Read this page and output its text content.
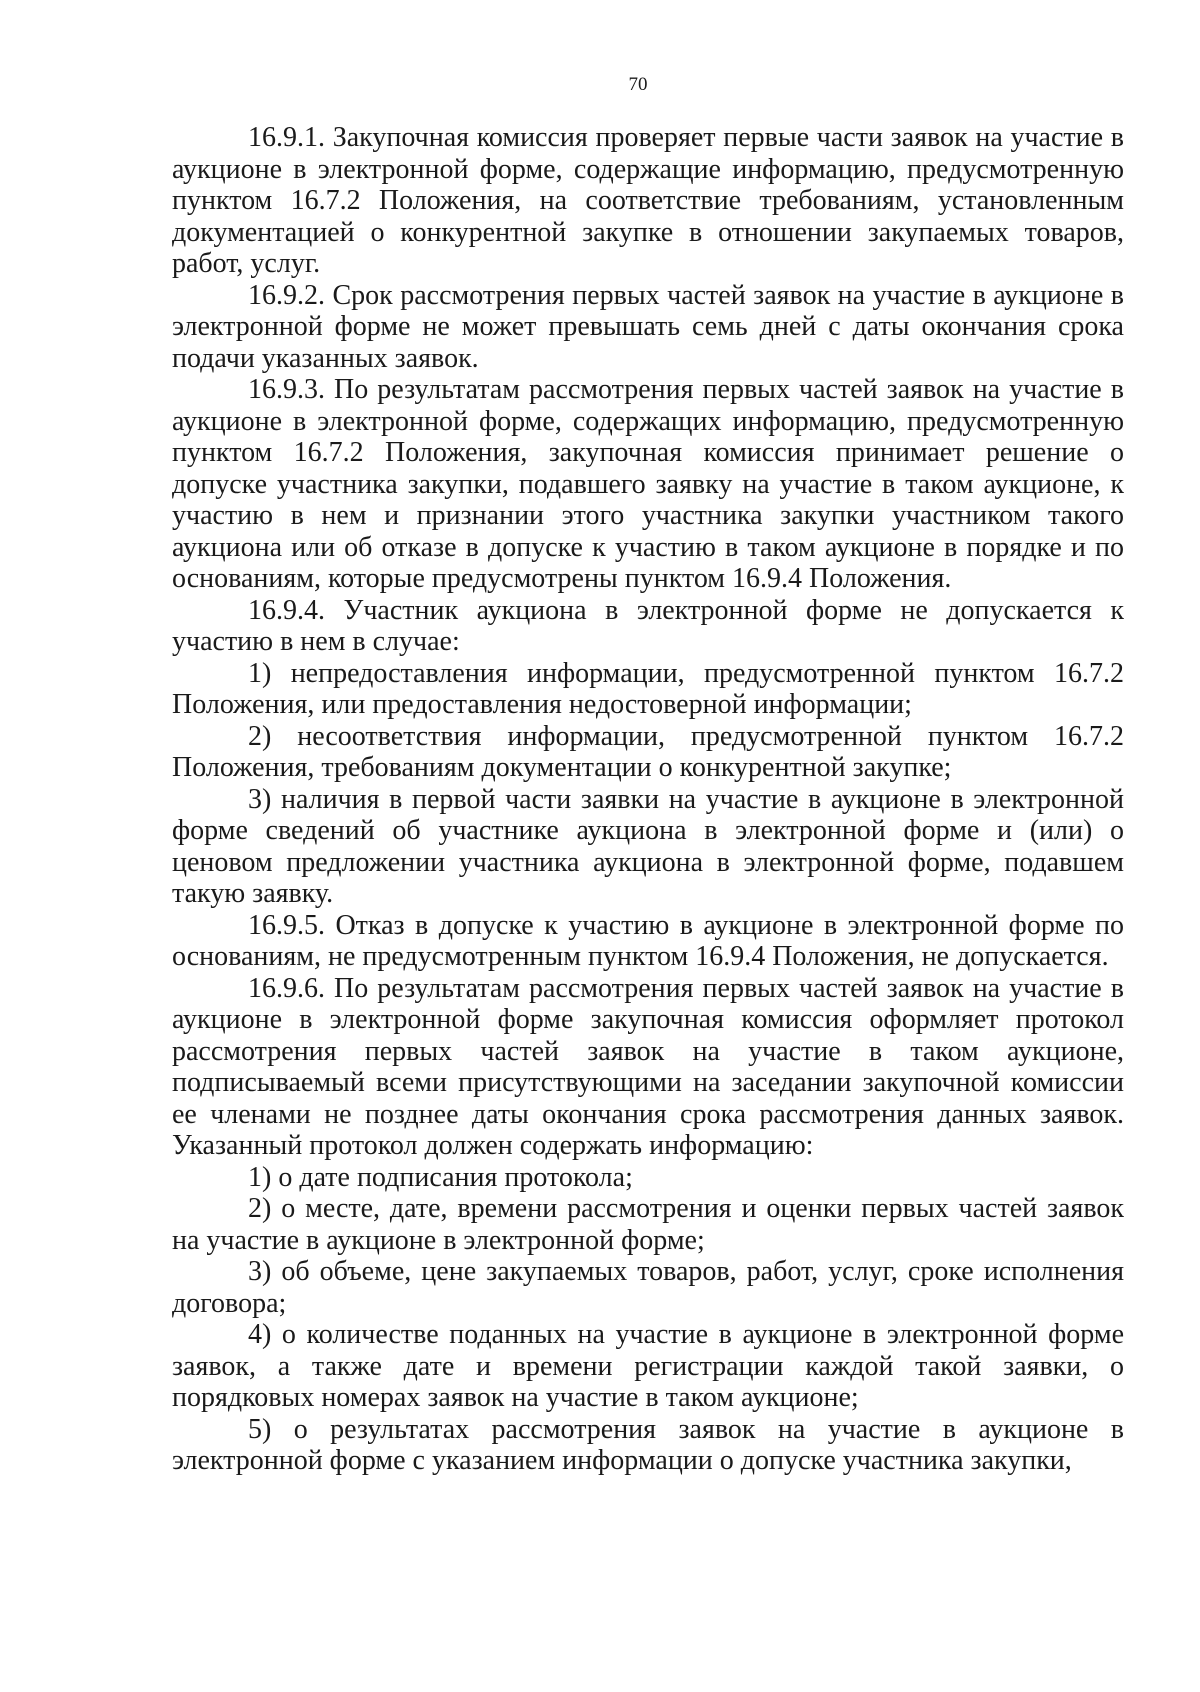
70

16.9.1. Закупочная комиссия проверяет первые части заявок на участие в аукционе в электронной форме, содержащие информацию, предусмотренную пунктом 16.7.2 Положения, на соответствие требованиям, установленным документацией о конкурентной закупке в отношении закупаемых товаров, работ, услуг.

16.9.2. Срок рассмотрения первых частей заявок на участие в аукционе в электронной форме не может превышать семь дней с даты окончания срока подачи указанных заявок.

16.9.3. По результатам рассмотрения первых частей заявок на участие в аукционе в электронной форме, содержащих информацию, предусмотренную пунктом 16.7.2 Положения, закупочная комиссия принимает решение о допуске участника закупки, подавшего заявку на участие в таком аукционе, к участию в нем и признании этого участника закупки участником такого аукциона или об отказе в допуске к участию в таком аукционе в порядке и по основаниям, которые предусмотрены пунктом 16.9.4 Положения.

16.9.4. Участник аукциона в электронной форме не допускается к участию в нем в случае:

1) непредоставления информации, предусмотренной пунктом 16.7.2 Положения, или предоставления недостоверной информации;

2) несоответствия информации, предусмотренной пунктом 16.7.2 Положения, требованиям документации о конкурентной закупке;

3) наличия в первой части заявки на участие в аукционе в электронной форме сведений об участнике аукциона в электронной форме и (или) о ценовом предложении участника аукциона в электронной форме, подавшем такую заявку.

16.9.5. Отказ в допуске к участию в аукционе в электронной форме по основаниям, не предусмотренным пунктом 16.9.4 Положения, не допускается.

16.9.6. По результатам рассмотрения первых частей заявок на участие в аукционе в электронной форме закупочная комиссия оформляет протокол рассмотрения первых частей заявок на участие в таком аукционе, подписываемый всеми присутствующими на заседании закупочной комиссии ее членами не позднее даты окончания срока рассмотрения данных заявок. Указанный протокол должен содержать информацию:

1) о дате подписания протокола;

2) о месте, дате, времени рассмотрения и оценки первых частей заявок на участие в аукционе в электронной форме;

3) об объеме, цене закупаемых товаров, работ, услуг, сроке исполнения договора;

4) о количестве поданных на участие в аукционе в электронной форме заявок, а также дате и времени регистрации каждой такой заявки, о порядковых номерах заявок на участие в таком аукционе;

5) о результатах рассмотрения заявок на участие в аукционе в электронной форме с указанием информации о допуске участника закупки,
